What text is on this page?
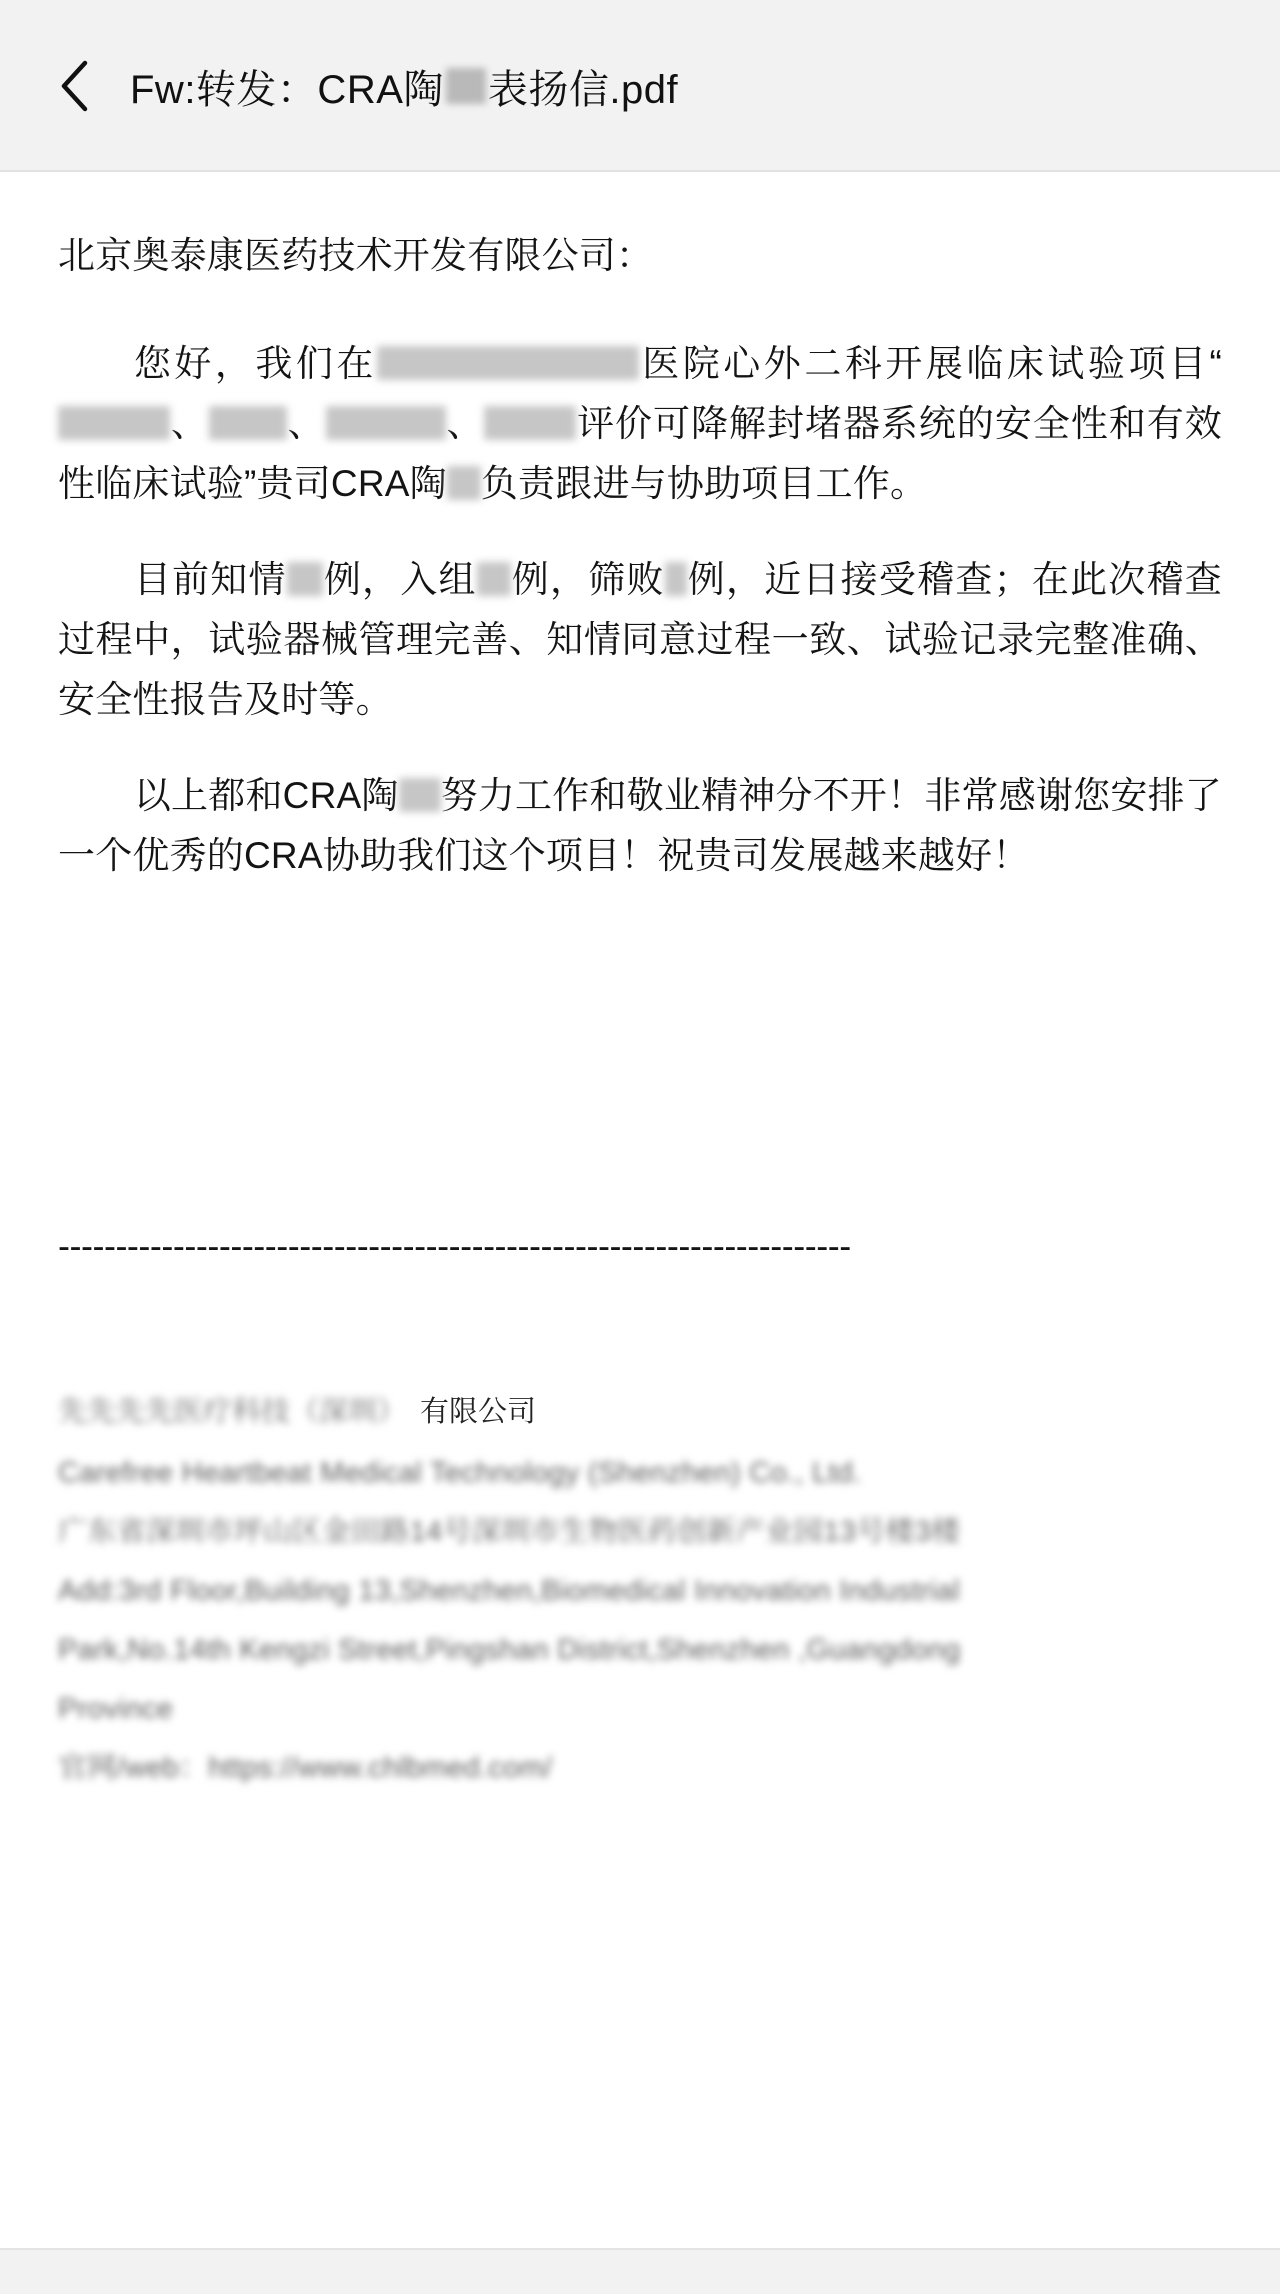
Fw:转发：CRA陶 表扬信.pdf

北京奥泰康医药技术开发有限公司：

您好，我们在	医院心外二科开展临床试验项目“、 、	、 评价可降解封堵器系统的安全性和有效性临床试验”贵司CRA陶 负责跟进与协助项目工作。

目前知情 例，入组 例，筛败 例，近日接受稽查；在此次稽查过程中，试验器械管理完善、知情同意过程一致、试验记录完整准确、安全性报告及时等。

以上都和CRA陶 努力工作和敬业精神分不开！非常感谢您安排了一个优秀的CRA协助我们这个项目！祝贵司发展越来越好！

---------------------------------------------------------------------

先先先先医疗科技（深圳） 有限公司
Carefree Heartbeat Medical Technology (Shenzhen) Co., Ltd.
广东省深圳市坪山区金田路14号深圳市生物医药创新产业园13号楼3楼
Add:3rd Floor,Building 13,Shenzhen,Biomedical Innovation Industrial
Park,No.14th Kengzi Street,Pingshan District,Shenzhen ,Guangdong
Province
官网/web：https://www.chlbmed.com/
